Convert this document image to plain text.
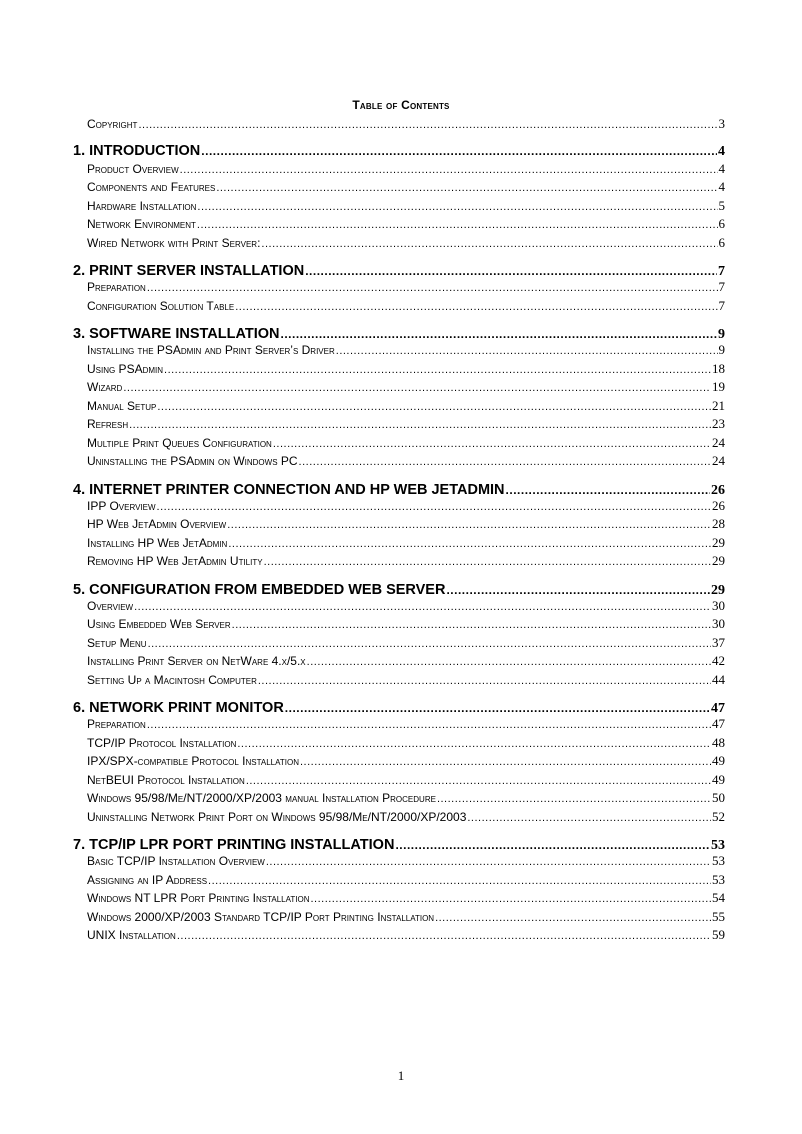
Table of Contents
Copyright .....	3
1. INTRODUCTION .....	4
Product Overview .....	4
Components and Features .....	4
Hardware Installation .....	5
Network Environment .....	6
Wired Network with Print Server: .....	6
2. PRINT SERVER INSTALLATION .....	7
Preparation .....	7
Configuration Solution Table .....	7
3. SOFTWARE INSTALLATION .....	9
Installing the PSAdmin and Print Server’s Driver .....	9
Using PSAdmin .....	18
Wizard .....	19
Manual Setup .....	21
Refresh .....	23
Multiple Print Queues Configuration .....	24
Uninstalling the PSAdmin on Windows PC .....	24
4. INTERNET PRINTER CONNECTION AND HP WEB JETADMIN .....	26
IPP Overview .....	26
HP Web JetAdmin Overview .....	28
Installing HP Web JetAdmin .....	29
Removing HP Web JetAdmin Utility .....	29
5. CONFIGURATION FROM EMBEDDED WEB SERVER .....	29
Overview .....	30
Using Embedded Web Server .....	30
Setup Menu .....	37
Installing Print Server on NetWare 4.x/5.x .....	42
Setting Up a Macintosh Computer .....	44
6. NETWORK PRINT MONITOR .....	47
Preparation .....	47
TCP/IP Protocol Installation .....	48
IPX/SPX-compatible Protocol Installation .....	49
NetBEUI Protocol Installation .....	49
Windows 95/98/Me/NT/2000/XP/2003 manual Installation Procedure .....	50
Uninstalling Network Print Port on Windows 95/98/Me/NT/2000/XP/2003 .....	52
7. TCP/IP LPR PORT PRINTING INSTALLATION .....	53
Basic TCP/IP Installation Overview .....	53
Assigning an IP Address .....	53
Windows NT LPR Port Printing Installation .....	54
Windows 2000/XP/2003 Standard TCP/IP Port Printing Installation .....	55
UNIX Installation .....	59
1
